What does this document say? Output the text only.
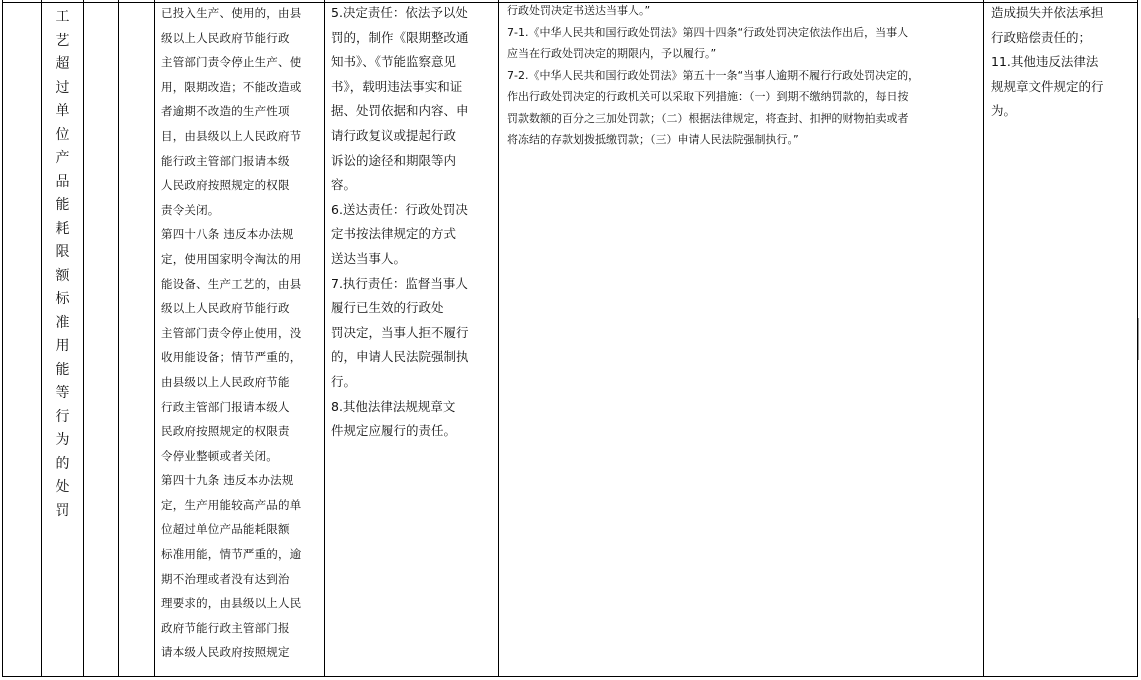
工
艺
超
过
单
位
产
品
能
耗
限
额
标
准
用
能
等
行
为
的
处
罚
已投入生产、使用的，由县
级以上人民政府节能行政
主管部门责令停止生产、使
用，限期改造；不能改造或
者逾期不改造的生产性项
目，由县级以上人民政府节
能行政主管部门报请本级
人民政府按照规定的权限
责令关闭。
第四十八条 违反本办法规
定，使用国家明令淘汰的用
能设备、生产工艺的，由县
级以上人民政府节能行政
主管部门责令停止使用，没
收用能设备；情节严重的，
由县级以上人民政府节能
行政主管部门报请本级人
民政府按照规定的权限责
令停业整顿或者关闭。
第四十九条 违反本办法规
定，生产用能较高产品的单
位超过单位产品能耗限额
标准用能，情节严重的，逾
期不治理或者没有达到治
理要求的，由县级以上人民
政府节能行政主管部门报
请本级人民政府按照规定
5.决定责任：依法予以处
罚的，制作《限期整改通
知书》、《节能监察意见
书》，载明违法事实和证
据、处罚依据和内容、申
请行政复议或提起行政
诉讼的途径和期限等内
容。
6.送达责任：行政处罚决
定书按法律规定的方式
送达当事人。
7.执行责任：监督当事人
履行已生效的行政处
罚决定，当事人拒不履行
的，申请人民法院强制执
行。
8.其他法律法规规章文
件规定应履行的责任。
行政处罚决定书送达当事人。”
7-1.《中华人民共和国行政处罚法》第四十四条“行政处罚决定依法作出后，当事人
应当在行政处罚决定的期限内，予以履行。”
7-2.《中华人民共和国行政处罚法》第五十一条“当事人逾期不履行行政处罚决定的，
作出行政处罚决定的行政机关可以采取下列措施：（一）到期不缴纳罚款的，每日按
罚款数额的百分之三加处罚款；（二）根据法律规定，将查封、扣押的财物拍卖或者
将冻结的存款划拨抵缴罚款；（三）申请人民法院强制执行。”
造成损失并依法承担
行政赔偿责任的；
11.其他违反法律法
规规章文件规定的行
为。
